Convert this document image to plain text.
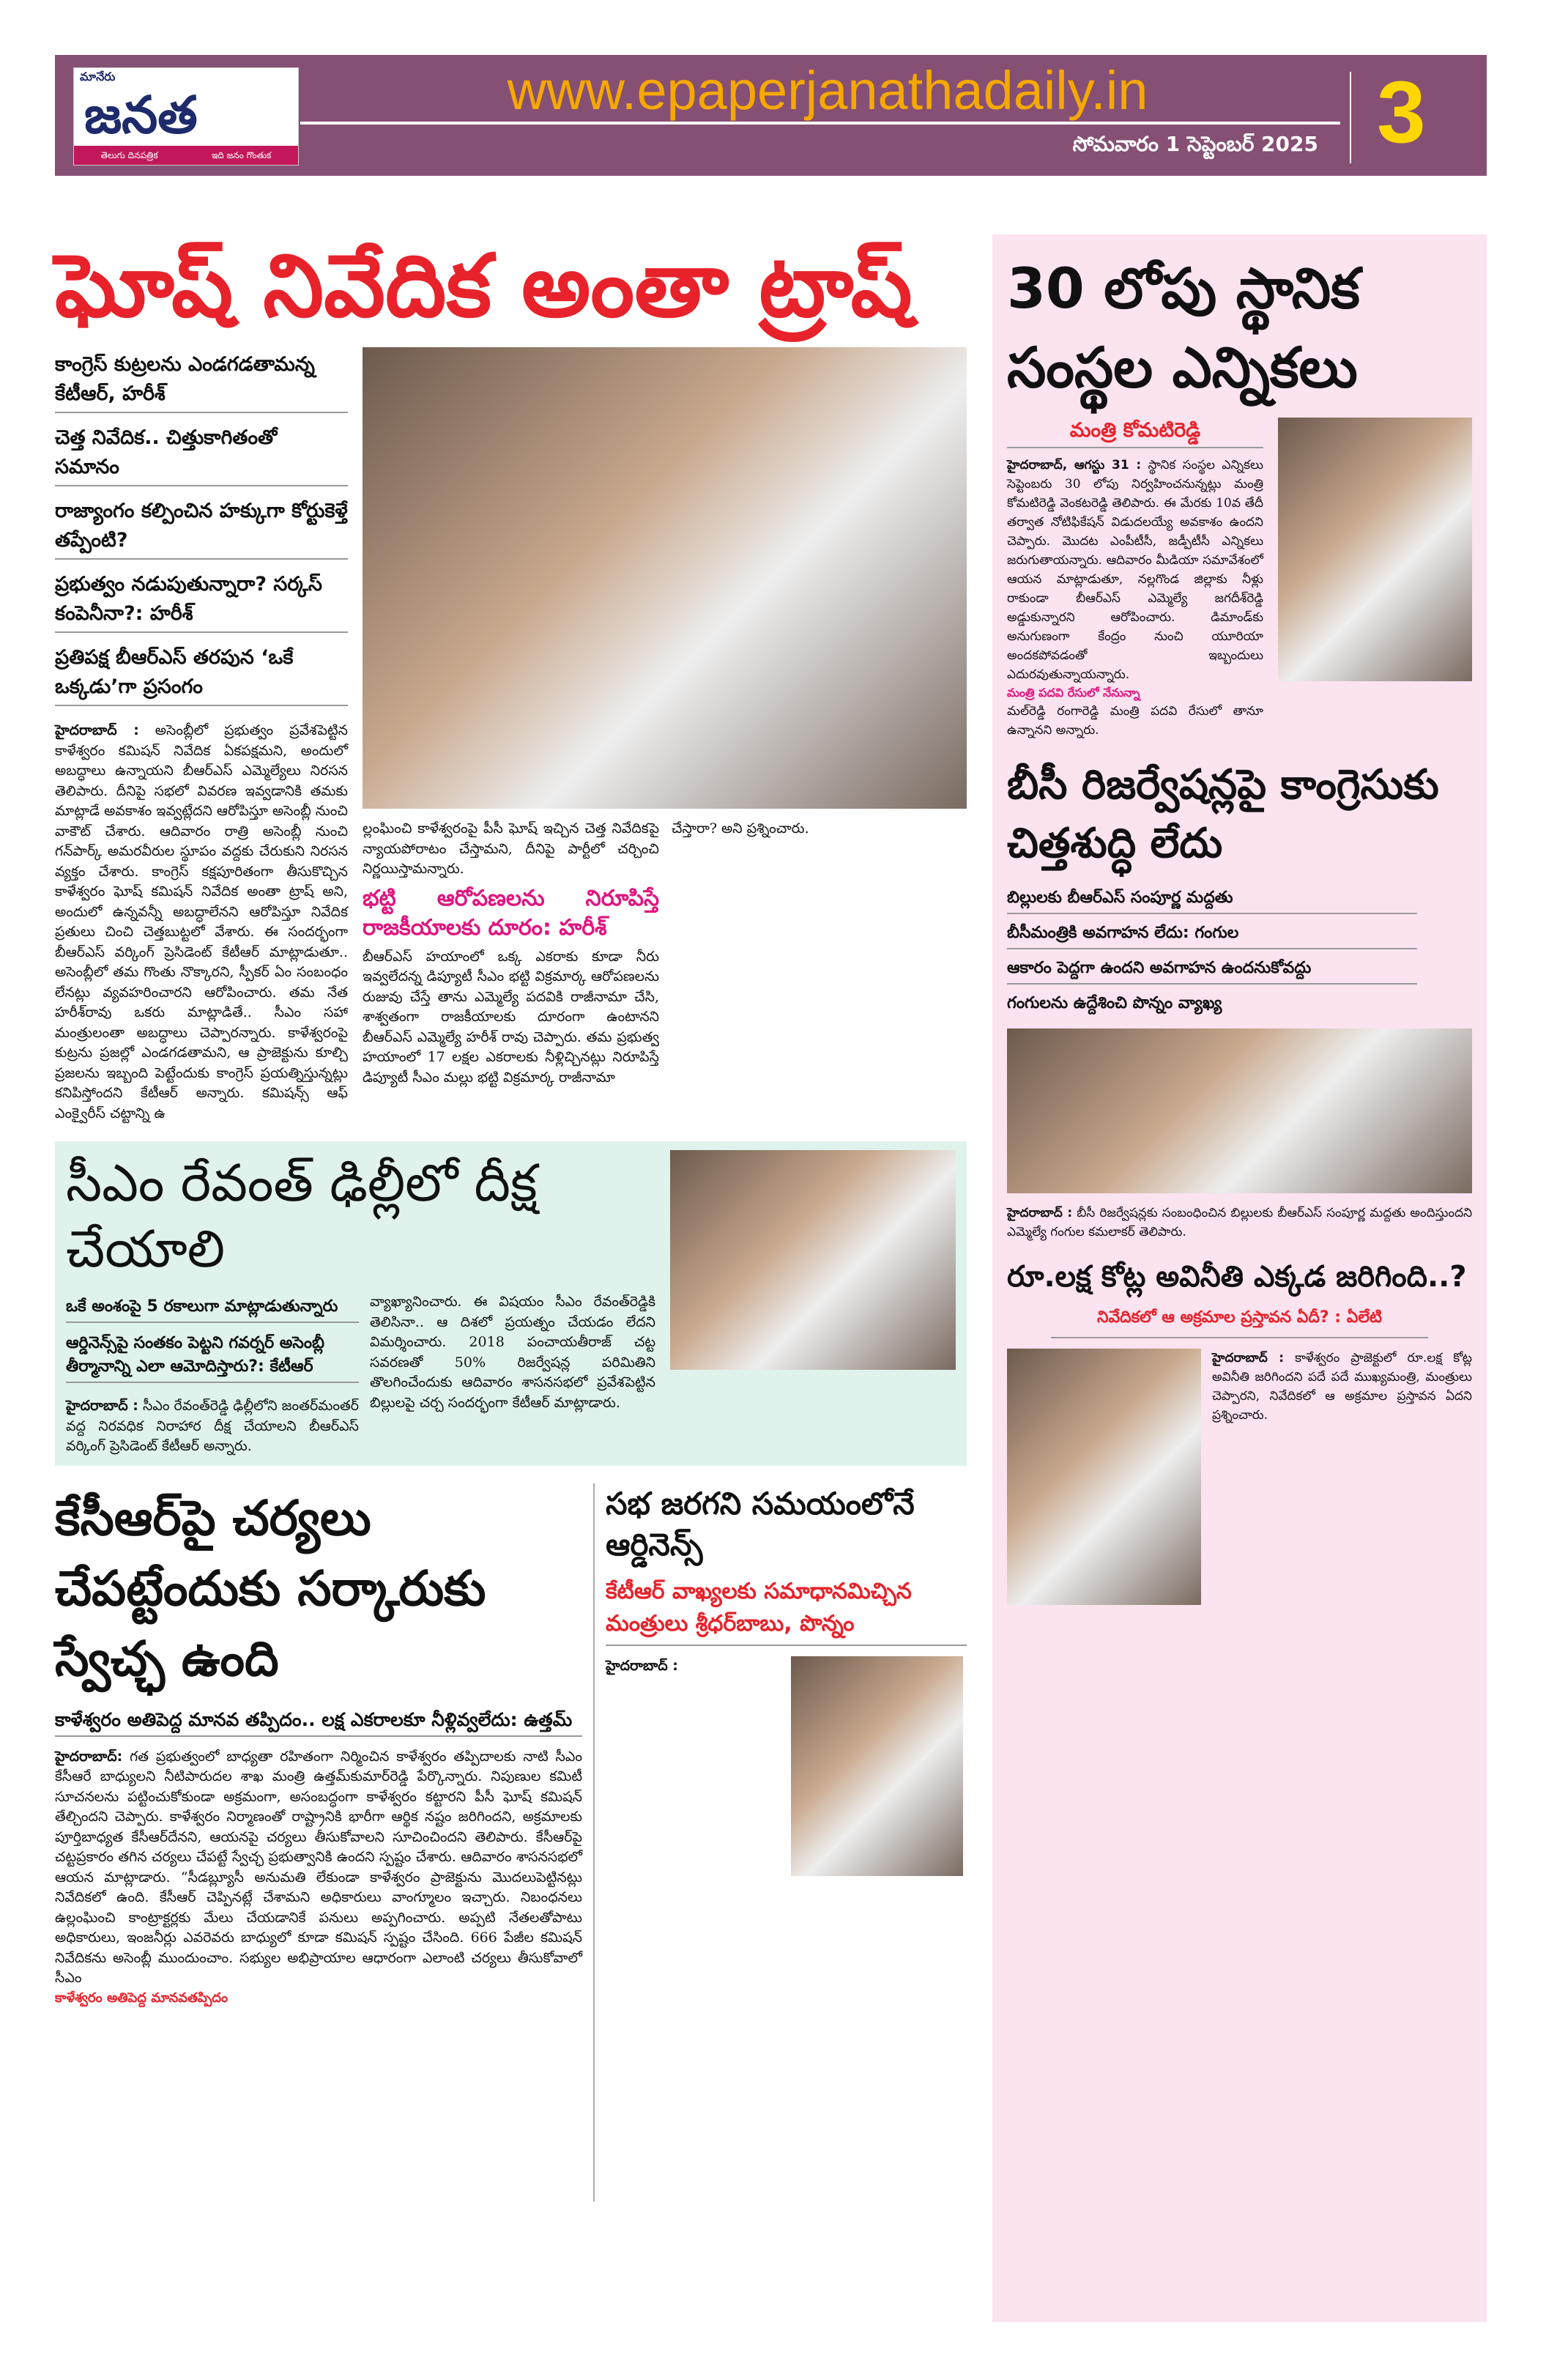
మానేరు
జనత
తెలుగు దినపత్రిక	ఇది జనం గొంతుక
www.epaperjanathadaily.in
సోమవారం 1 సెప్టెంబర్ 2025 3
ఘోష్ నివేదిక అంతా ట్రాష్
కాంగ్రెస్ కుట్రలను ఎండగడతామన్న కేటీఆర్, హరీశ్
చెత్త నివేదిక.. చిత్తుకాగితంతో సమానం
రాజ్యాంగం కల్పించిన హక్కుగా కోర్టుకెళ్తే తప్పేంటి?
ప్రభుత్వం నడుపుతున్నారా? సర్కస్ కంపెనీనా?: హరీశ్
ప్రతిపక్ష బీఆర్ఎస్ తరపున ‘ఒకే ఒక్కడు’గా ప్రసంగం
హైదరాబాద్ : అసెంబ్లీలో ప్రభుత్వం ప్రవేశపెట్టిన కాళేశ్వరం కమిషన్ నివేదిక ఏకపక్షమని, అందులో అబద్ధాలు ఉన్నాయని బీఆర్ఎస్ ఎమ్మెల్యేలు నిరసన తెలిపారు. దీనిపై సభలో వివరణ ఇవ్వడానికి తమకు మాట్లాడే అవకాశం ఇవ్వట్లేదని ఆరోపిస్తూ అసెంబ్లీ నుంచి వాకౌట్ చేశారు. ఆదివారం రాత్రి అసెంబ్లీ నుంచి గన్‌పార్క్ అమరవీరుల స్థూపం వద్దకు చేరుకుని నిరసన వ్యక్తం చేశారు. కాంగ్రెస్ కక్షపూరితంగా తీసుకొచ్చిన కాళేశ్వరం ఘోష్ కమిషన్ నివేదిక అంతా ట్రాష్ అని, అందులో ఉన్నవన్నీ అబద్ధాలేనని ఆరోపిస్తూ నివేదిక ప్రతులు చించి చెత్తబుట్టలో వేశారు. ఈ సందర్భంగా బీఆర్ఎస్ వర్కింగ్ ప్రెసిడెంట్ కేటీఆర్ మాట్లాడుతూ.. అసెంబ్లీలో తమ గొంతు నొక్కారని, స్పీకర్ ఏం సంబంధం లేనట్లు వ్యవహరించారని ఆరోపించారు. తమ నేత హరీశ్‌రావు ఒకరు మాట్లాడితే.. సీఎం సహా మంత్రులంతా అబద్ధాలు చెప్పారన్నారు. కాళేశ్వరంపై కుట్రను ప్రజల్లో ఎండగడతామని, ఆ ప్రాజెక్టును కూల్చి ప్రజలను ఇబ్బంది పెట్టేందుకు కాంగ్రెస్ ప్రయత్నిస్తున్నట్లు కనిపిస్తోందని కేటీఆర్ అన్నారు. కమిషన్స్ ఆఫ్ ఎంక్వైరీస్ చట్టాన్ని ఉ
ల్లంఘించి కాళేశ్వరంపై పీసీ ఘోష్ ఇచ్చిన చెత్త నివేదికపై న్యాయపోరాటం చేస్తామని, దీనిపై పార్టీలో చర్చించి నిర్ణయిస్తామన్నారు.
భట్టి ఆరోపణలను నిరూపిస్తే రాజకీయాలకు దూరం: హరీశ్
బీఆర్ఎస్ హయాంలో ఒక్క ఎకరాకు కూడా నీరు ఇవ్వలేదన్న డిప్యూటీ సీఎం భట్టి విక్రమార్క ఆరోపణలను రుజువు చేస్తే తాను ఎమ్మెల్యే పదవికి రాజీనామా చేసి, శాశ్వతంగా రాజకీయాలకు దూరంగా ఉంటానని బీఆర్ఎస్ ఎమ్మెల్యే హరీశ్ రావు చెప్పారు. తమ ప్రభుత్వ హయాంలో 17 లక్షల ఎకరాలకు నీళ్లిచ్చినట్లు నిరూపిస్తే డిప్యూటీ సీఎం మల్లు భట్టి విక్రమార్క రాజీనామా
చేస్తారా? అని ప్రశ్నించారు.
సీఎం రేవంత్ ఢిల్లీలో దీక్ష చేయాలి
ఒకే అంశంపై 5 రకాలుగా మాట్లాడుతున్నారు
ఆర్డినెన్స్‌పై సంతకం పెట్టని గవర్నర్ అసెంబ్లీ తీర్మానాన్ని ఎలా ఆమోదిస్తారు?: కేటీఆర్
హైదరాబాద్ : సీఎం రేవంత్‌రెడ్డి ఢిల్లీలోని జంతర్‌మంతర్ వద్ద నిరవధిక నిరాహార దీక్ష చేయాలని బీఆర్ఎస్ వర్కింగ్ ప్రెసిడెంట్ కేటీఆర్ అన్నారు.
వ్యాఖ్యానించారు. ఈ విషయం సీఎం రేవంత్‌రెడ్డికి తెలిసినా.. ఆ దిశలో ప్రయత్నం చేయడం లేదని విమర్శించారు. 2018 పంచాయతీరాజ్ చట్ట సవరణతో 50% రిజర్వేషన్ల పరిమితిని తొలగించేందుకు ఆదివారం శాసనసభలో ప్రవేశపెట్టిన బిల్లులపై చర్చ సందర్భంగా కేటీఆర్ మాట్లాడారు.
కేసీఆర్‌పై చర్యలు చేపట్టేందుకు సర్కారుకు స్వేచ్ఛ ఉంది
కాళేశ్వరం అతిపెద్ద మానవ తప్పిదం.. లక్ష ఎకరాలకూ నీళ్లివ్వలేదు: ఉత్తమ్
హైదరాబాద్: గత ప్రభుత్వంలో బాధ్యతా రహితంగా నిర్మించిన కాళేశ్వరం తప్పిదాలకు నాటి సీఎం కేసీఆరే బాధ్యులని నీటిపారుదల శాఖ మంత్రి ఉత్తమ్‌కుమార్‌రెడ్డి పేర్కొన్నారు. నిపుణుల కమిటీ సూచనలను పట్టించుకోకుండా అక్రమంగా, అసంబద్ధంగా కాళేశ్వరం కట్టారని పీసీ ఘోష్ కమిషన్ తేల్చిందని చెప్పారు. కాళేశ్వరం నిర్మాణంతో రాష్ట్రానికి భారీగా ఆర్థిక నష్టం జరిగిందని, అక్రమాలకు పూర్తిబాధ్యత కేసీఆర్‌దేనని, ఆయనపై చర్యలు తీసుకోవాలని సూచించిందని తెలిపారు. కేసీఆర్‌పై చట్టప్రకారం తగిన చర్యలు చేపట్టే స్వేచ్ఛ ప్రభుత్వానికి ఉందని స్పష్టం చేశారు. ఆదివారం శాసనసభలో ఆయన మాట్లాడారు. “సీడబ్ల్యూసీ అనుమతి లేకుండా కాళేశ్వరం ప్రాజెక్టును మొదలుపెట్టినట్లు నివేదికలో ఉంది. కేసీఆర్ చెప్పినట్లే చేశామని అధికారులు వాంగ్మూలం ఇచ్చారు. నిబంధనలు ఉల్లంఘించి కాంట్రాక్టర్లకు మేలు చేయడానికే పనులు అప్పగించారు. అప్పటి నేతలతోపాటు అధికారులు, ఇంజనీర్లు ఎవరెవరు బాధ్యులో కూడా కమిషన్ స్పష్టం చేసింది. 666 పేజీల కమిషన్ నివేదికను అసెంబ్లీ ముందుంచాం. సభ్యుల అభిప్రాయాల ఆధారంగా ఎలాంటి చర్యలు తీసుకోవాలో సీఎం
కాళేశ్వరం అతిపెద్ద మానవతప్పిదం
సభ జరగని సమయంలోనే ఆర్డినెన్స్
కేటీఆర్ వాఖ్యలకు సమాధానమిచ్చిన మంత్రులు శ్రీధర్‌బాబు, పొన్నం
హైదరాబాద్ :
30 లోపు స్థానిక సంస్థల ఎన్నికలు
మంత్రి కోమటిరెడ్డి
హైదరాబాద్, ఆగస్టు 31 : స్థానిక సంస్థల ఎన్నికలు సెప్టెంబరు 30 లోపు నిర్వహించనున్నట్లు మంత్రి కోమటిరెడ్డి వెంకటరెడ్డి తెలిపారు. ఈ మేరకు 10వ తేదీ తర్వాత నోటిఫికేషన్ విడుదలయ్యే అవకాశం ఉందని చెప్పారు. మొదట ఎంపీటీసీ, జడ్పీటీసీ ఎన్నికలు జరుగుతాయన్నారు. ఆదివారం మీడియా సమావేశంలో ఆయన మాట్లాడుతూ, నల్లగొండ జిల్లాకు నీళ్లు రాకుండా బీఆర్ఎస్ ఎమ్మెల్యే జగదీశ్‌రెడ్డి అడ్డుకున్నారని ఆరోపించారు. డిమాండ్‌కు అనుగుణంగా కేంద్రం నుంచి యూరియా అందకపోవడంతో ఇబ్బందులు ఎదురవుతున్నాయన్నారు.
మంత్రి పదవి రేసులో నేనున్నా
మల్‌రెడ్డి రంగారెడ్డి మంత్రి పదవి రేసులో తానూ ఉన్నానని అన్నారు.
బీసీ రిజర్వేషన్లపై కాంగ్రెసుకు చిత్తశుద్ధి లేదు
బిల్లులకు బీఆర్ఎస్ సంపూర్ణ మద్దతు
బీసీమంత్రికి అవగాహన లేదు: గంగుల
ఆకారం పెద్దగా ఉందని అవగాహన ఉందనుకోవద్దు
గంగులను ఉద్దేశించి పొన్నం వ్యాఖ్య
హైదరాబాద్ : బీసీ రిజర్వేషన్లకు సంబంధించిన బిల్లులకు బీఆర్ఎస్ సంపూర్ణ మద్దతు అందిస్తుందని ఎమ్మెల్యే గంగుల కమలాకర్ తెలిపారు.
రూ.లక్ష కోట్ల అవినీతి ఎక్కడ జరిగింది..?
నివేదికలో ఆ అక్రమాల ప్రస్తావన ఏదీ? : ఏలేటి
హైదరాబాద్ : కాళేశ్వరం ప్రాజెక్టులో రూ.లక్ష కోట్ల అవినీతి జరిగిందని పదే పదే ముఖ్యమంత్రి, మంత్రులు చెప్పారని, నివేదికలో ఆ అక్రమాల ప్రస్తావన ఏదని ప్రశ్నించారు.
